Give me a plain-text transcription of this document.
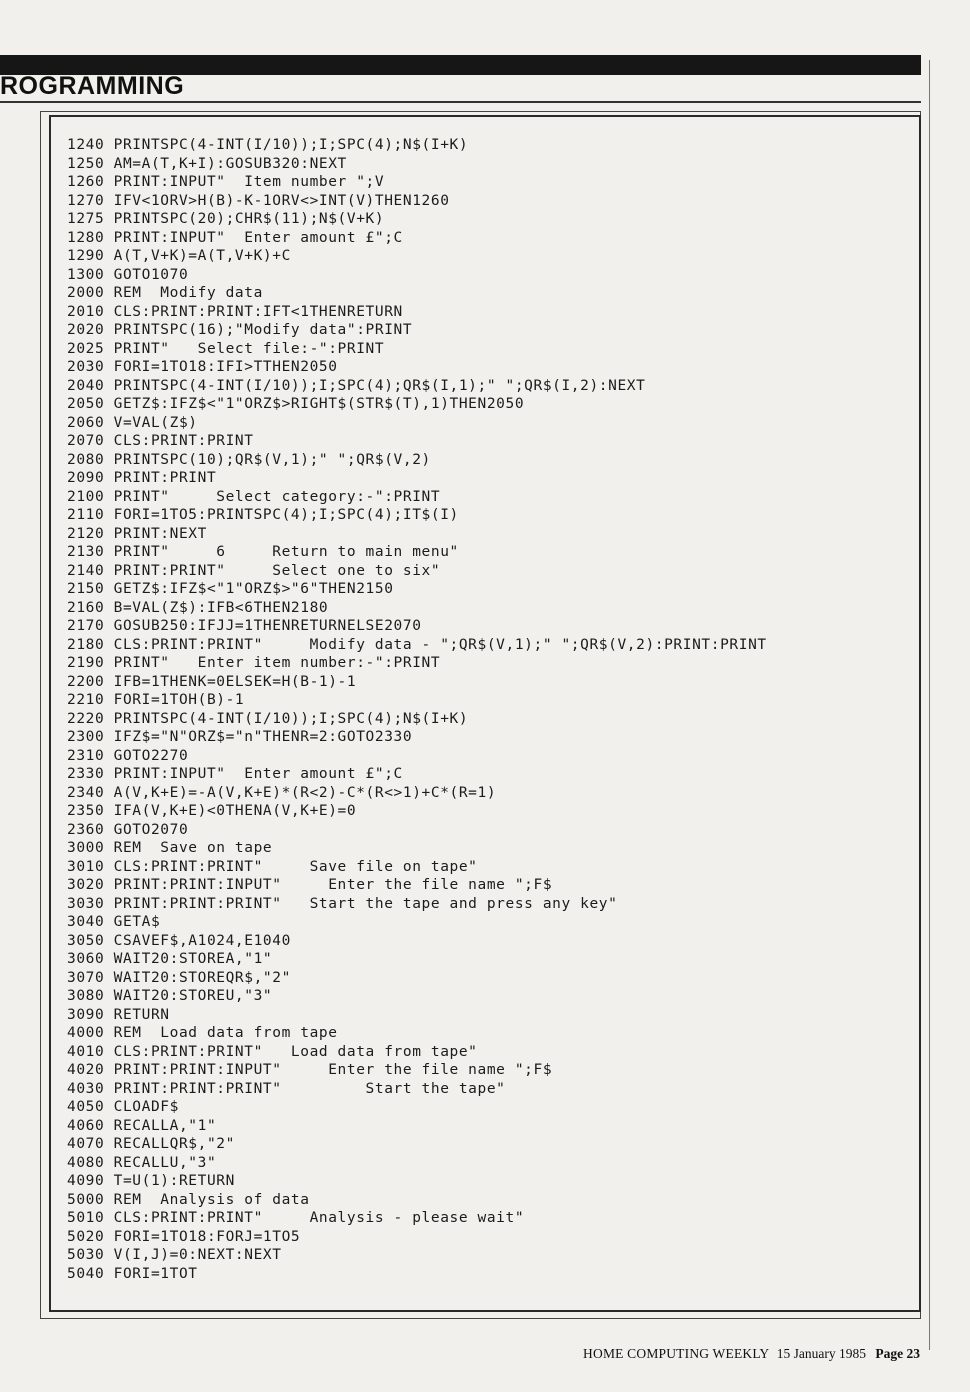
ROGRAMMING
1240 PRINTSPC(4-INT(I/10));I;SPC(4);N$(I+K)
1250 AM=A(T,K+I):GOSUB320:NEXT
1260 PRINT:INPUT"  Item number ";V
1270 IFV<1ORV>H(B)-K-1ORV<>INT(V)THEN1260
1275 PRINTSPC(20);CHR$(11);N$(V+K)
1280 PRINT:INPUT"  Enter amount £";C
1290 A(T,V+K)=A(T,V+K)+C
1300 GOTO1070
2000 REM  Modify data
2010 CLS:PRINT:PRINT:IFT<1THENRETURN
2020 PRINTSPC(16);"Modify data":PRINT
2025 PRINT"   Select file:-":PRINT
2030 FORI=1TO18:IFI>TTHEN2050
2040 PRINTSPC(4-INT(I/10));I;SPC(4);QR$(I,1);" ";QR$(I,2):NEXT
2050 GETZ$:IFZ$<"1"ORZ$>RIGHT$(STR$(T),1)THEN2050
2060 V=VAL(Z$)
2070 CLS:PRINT:PRINT
2080 PRINTSPC(10);QR$(V,1);" ";QR$(V,2)
2090 PRINT:PRINT
2100 PRINT"     Select category:-":PRINT
2110 FORI=1TO5:PRINTSPC(4);I;SPC(4);IT$(I)
2120 PRINT:NEXT
2130 PRINT"     6     Return to main menu"
2140 PRINT:PRINT"     Select one to six"
2150 GETZ$:IFZ$<"1"ORZ$>"6"THEN2150
2160 B=VAL(Z$):IFB<6THEN2180
2170 GOSUB250:IFJJ=1THENRETURNELSE2070
2180 CLS:PRINT:PRINT"     Modify data - ";QR$(V,1);" ";QR$(V,2):PRINT:PRINT
2190 PRINT"   Enter item number:-":PRINT
2200 IFB=1THENK=0ELSEK=H(B-1)-1
2210 FORI=1TOH(B)-1
2220 PRINTSPC(4-INT(I/10));I;SPC(4);N$(I+K)
2300 IFZ$="N"ORZ$="n"THENR=2:GOTO2330
2310 GOTO2270
2330 PRINT:INPUT"  Enter amount £";C
2340 A(V,K+E)=-A(V,K+E)*(R<2)-C*(R<>1)+C*(R=1)
2350 IFA(V,K+E)<0THENA(V,K+E)=0
2360 GOTO2070
3000 REM  Save on tape
3010 CLS:PRINT:PRINT"     Save file on tape"
3020 PRINT:PRINT:INPUT"     Enter the file name ";F$
3030 PRINT:PRINT:PRINT"   Start the tape and press any key"
3040 GETA$
3050 CSAVEF$,A1024,E1040
3060 WAIT20:STOREA,"1"
3070 WAIT20:STOREQR$,"2"
3080 WAIT20:STOREU,"3"
3090 RETURN
4000 REM  Load data from tape
4010 CLS:PRINT:PRINT"   Load data from tape"
4020 PRINT:PRINT:INPUT"     Enter the file name ";F$
4030 PRINT:PRINT:PRINT"         Start the tape"
4050 CLOADF$
4060 RECALLA,"1"
4070 RECALLQR$,"2"
4080 RECALLU,"3"
4090 T=U(1):RETURN
5000 REM  Analysis of data
5010 CLS:PRINT:PRINT"     Analysis - please wait"
5020 FORI=1TO18:FORJ=1TO5
5030 V(I,J)=0:NEXT:NEXT
5040 FORI=1TOT
HOME COMPUTING WEEKLY 15 January 1985 Page 23
